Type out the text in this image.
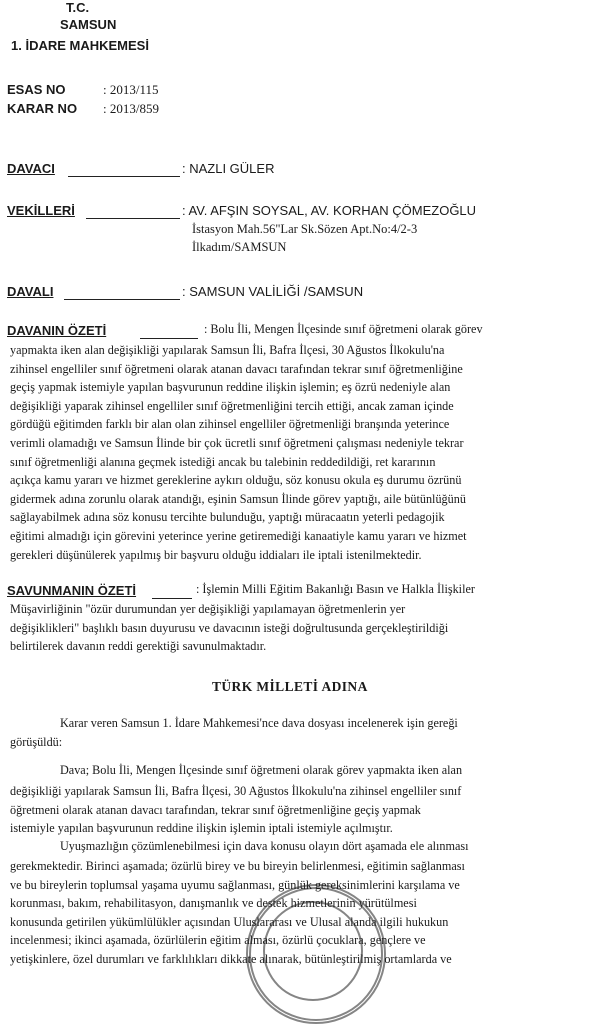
T.C.
SAMSUN
1. İDARE MAHKEMESİ
ESAS NO	: 2013/115
KARAR NO : 2013/859
DAVACI	: NAZLI GÜLER
VEKİLLERİ	: AV. AFŞIN SOYSAL, AV. KORHAN ÇÖMEZOĞLU
İstasyon Mah.56"Lar Sk.Sözen Apt.No:4/2-3
İlkadım/SAMSUN
DAVALI	: SAMSUN VALİLİĞİ /SAMSUN
DAVANIN ÖZETİ	: Bolu İli, Mengen İlçesinde sınıf öğretmeni olarak görev
yapmakta iken alan değişikliği yapılarak Samsun İli, Bafra İlçesi, 30 Ağustos İlkokulu'na
zihinsel engelliler sınıf öğretmeni olarak atanan davacı tarafından tekrar sınıf öğretmenliğine
geçiş yapmak istemiyle yapılan başvurunun reddine ilişkin işlemin; eş özrü nedeniyle alan
değişikliği yaparak zihinsel engelliler sınıf öğretmenliğini tercih ettiği, ancak zaman içinde
gördüğü eğitimden farklı bir alan olan zihinsel engelliler öğretmenliği branşında yeterince
verimli olamadığı ve Samsun İlinde bir çok ücretli sınıf öğretmeni çalışması nedeniyle tekrar
sınıf öğretmenliği alanına geçmek istediği ancak bu talebinin reddedildiği, ret kararının
açıkça kamu yararı ve hizmet gereklerine aykırı olduğu, söz konusu okula eş durumu özrünü
gidermek adına zorunlu olarak atandığı, eşinin Samsun İlinde görev yaptığı, aile bütünlüğünü
sağlayabilmek adına söz konusu tercihte bulunduğu, yaptığı müracaatın yeterli pedagojik
eğitimi almadığı için görevini yeterince yerine getiremediği kanaatiyle kamu yararı ve hizmet
gerekleri düşünülerek yapılmış bir başvuru olduğu iddiaları ile iptali istenilmektedir.
SAVUNMANIN ÖZETİ	: İşlemin Milli Eğitim Bakanlığı Basın ve Halkla İlişkiler
Müşavirliğinin "özür durumundan yer değişikliği yapılamayan öğretmenlerin yer
değişiklikleri" başlıklı basın duyurusu ve davacının isteği doğrultusunda gerçekleştirildiği
belirtilerek davanın reddi gerektiği savunulmaktadır.
TÜRK MİLLETİ ADINA
Karar veren Samsun 1. İdare Mahkemesi'nce dava dosyası incelenerek işin gereği
görüşüldü:
Dava; Bolu İli, Mengen İlçesinde sınıf öğretmeni olarak görev yapmakta iken alan
değişikliği yapılarak Samsun İli, Bafra İlçesi, 30 Ağustos İlkokulu'na zihinsel engelliler sınıf
öğretmeni olarak atanan davacı tarafından, tekrar sınıf öğretmenliğine geçiş yapmak
istemiyle yapılan başvurunun reddine ilişkin işlemin iptali istemiyle açılmıştır.
Uyuşmazlığın çözümlenebilmesi için dava konusu olayın dört aşamada ele alınması
gerekmektedir. Birinci aşamada; özürlü birey ve bu bireyin belirlenmesi, eğitimin sağlanması
ve bu bireylerin toplumsal yaşama uyumu sağlanması, günlük gereksinimlerini karşılama ve
korunması, bakım, rehabilitasyon, danışmanlık ve destek hizmetlerinin yürütülmesi
konusunda getirilen yükümlülükler açısından Uluslararası ve Ulusal alanda ilgili hukukun
incelenmesi; ikinci aşamada, özürlülerin eğitim alması, özürlü çocuklara, gençlere ve
yetişkinlere, özel durumları ve farklılıkları dikkate alınarak, bütünleştirilmiş ortamlarda ve
